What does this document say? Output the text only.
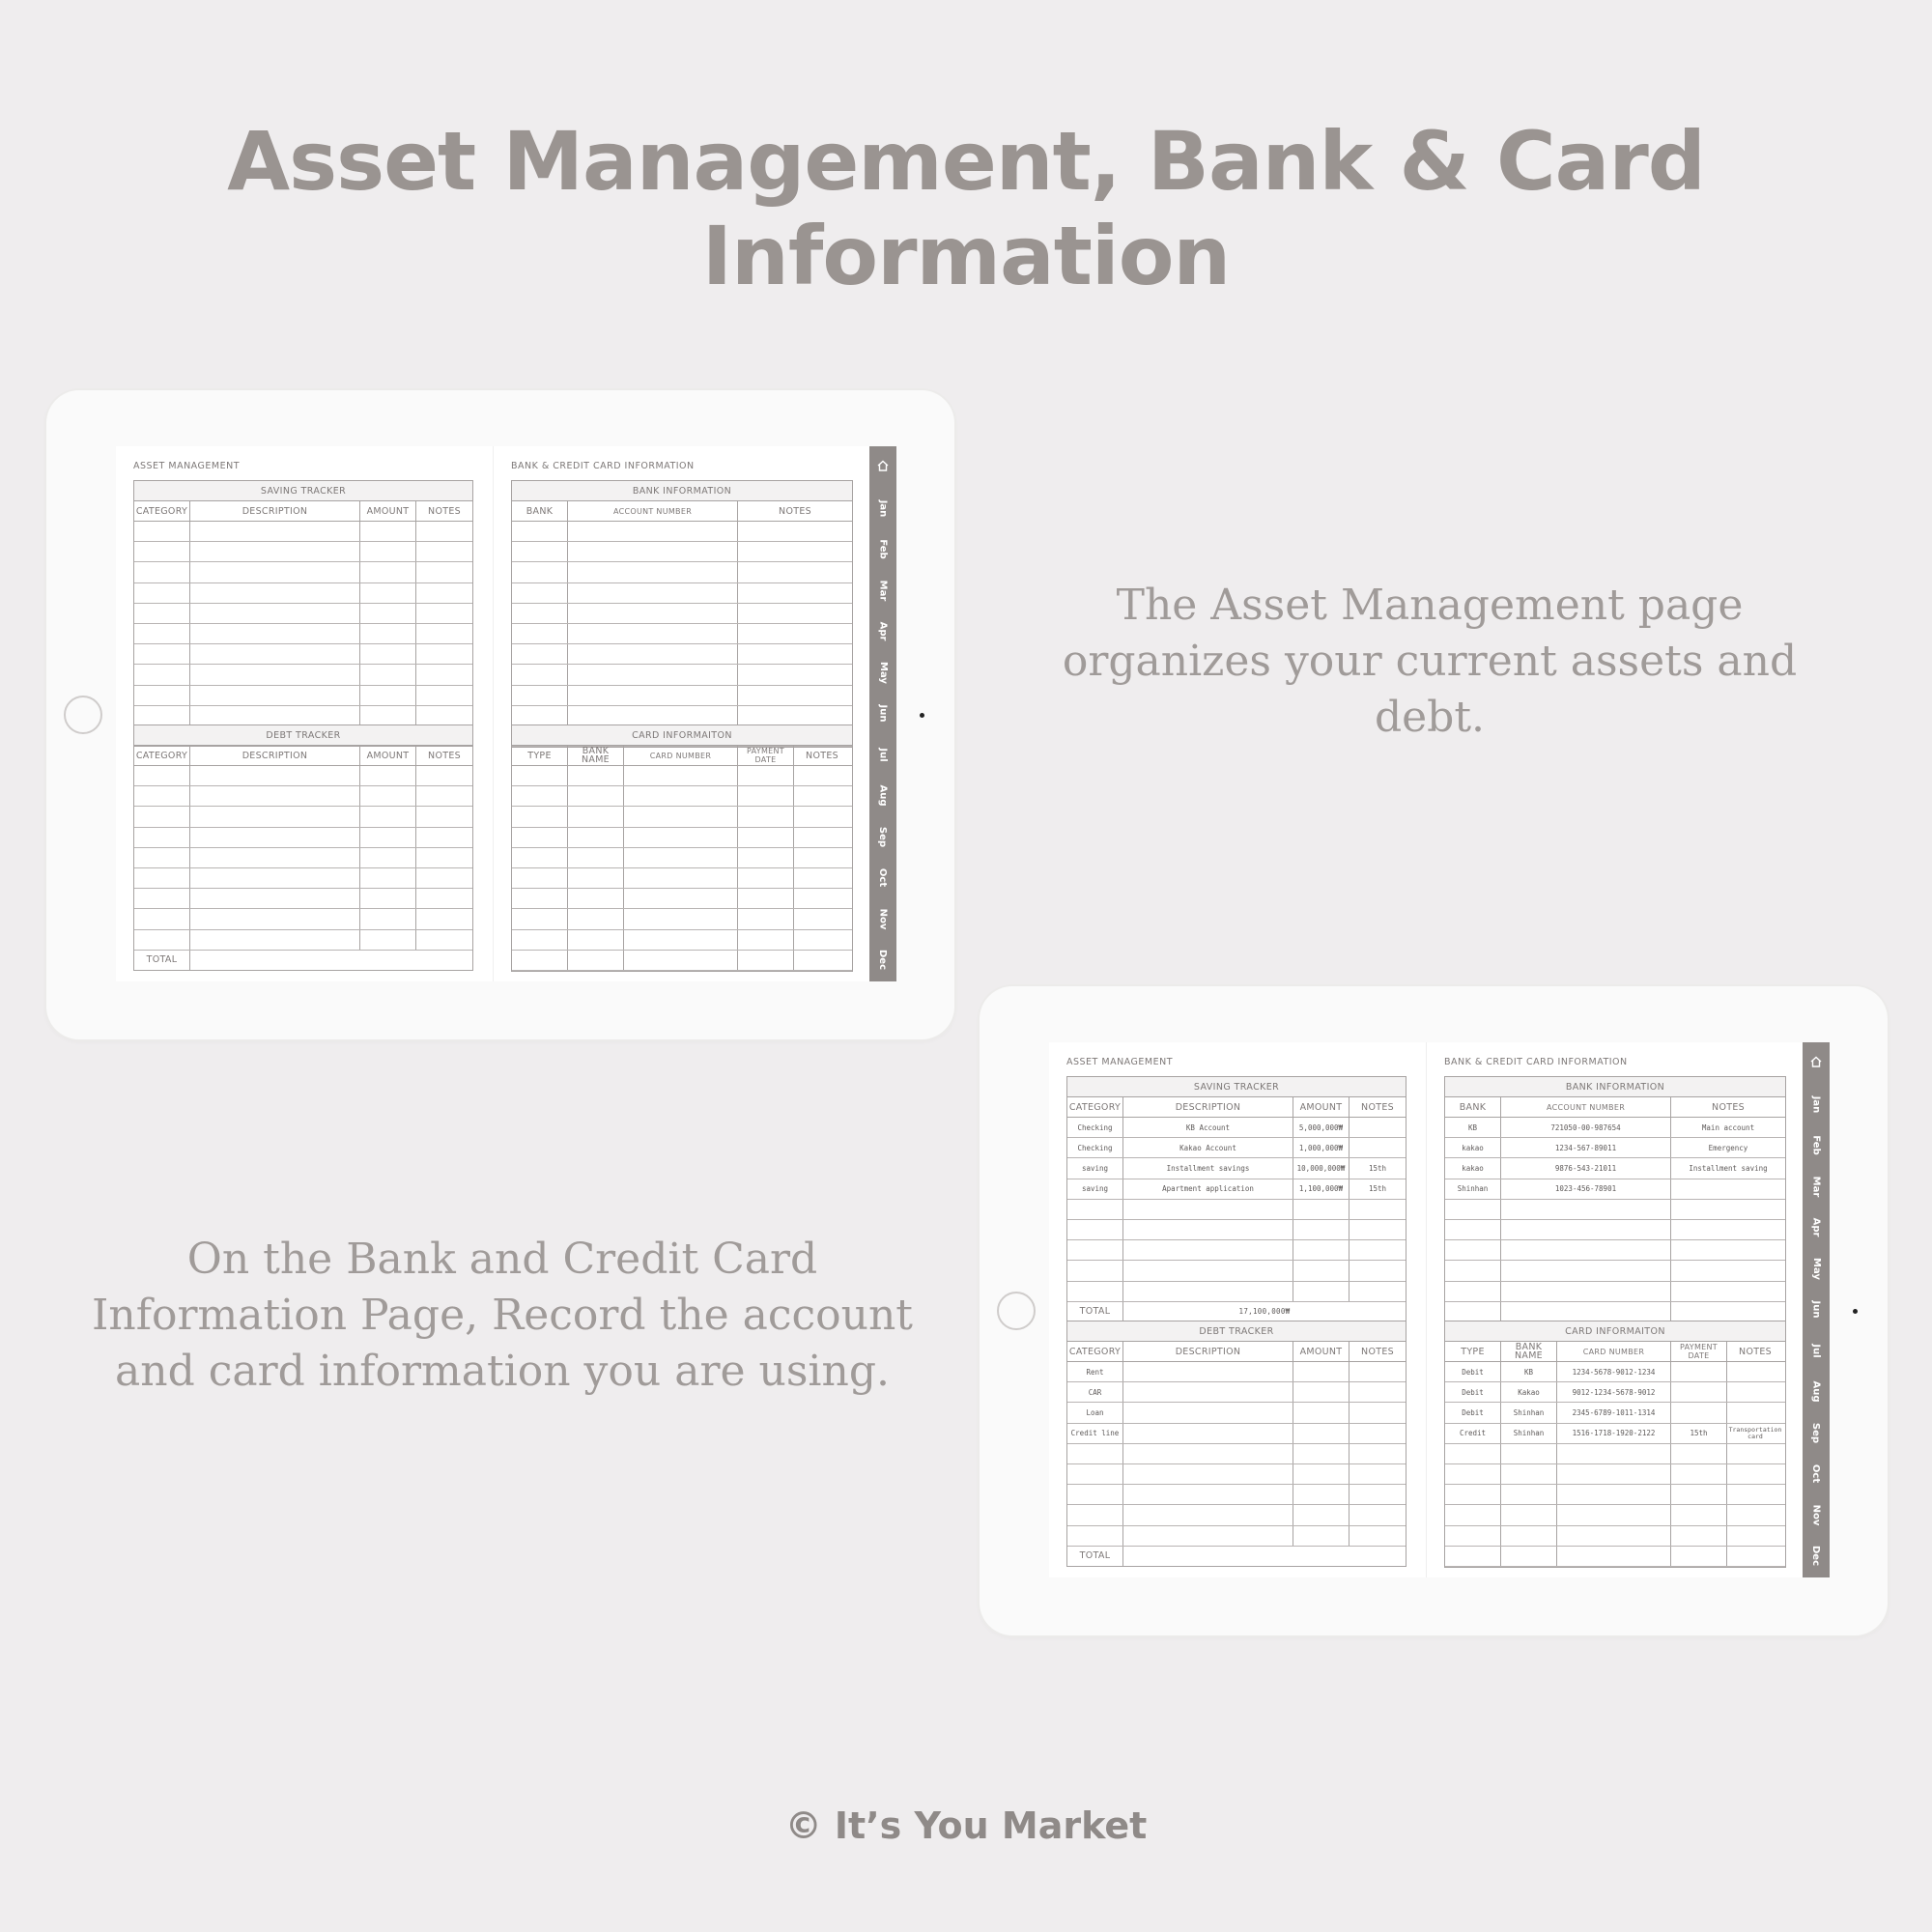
Asset Management, Bank & Card Information
ASSET MANAGEMENT
SAVING TRACKER
CATEGORY	DESCRIPTION	AMOUNT	NOTES
DEBT TRACKER
CATEGORY	DESCRIPTION	AMOUNT	NOTES
TOTAL
BANK & CREDIT CARD INFORMATION
BANK INFORMATION
BANK	ACCOUNT NUMBER	NOTES
CARD INFORMAITON
TYPE	BANK NAME	CARD NUMBER	PAYMENT DATE	NOTES
Jan
Feb
Mar
Apr
May
Jun
Jul
Aug
Sep
Oct
Nov
Dec
The Asset Management page organizes your current assets and debt.
On the Bank and Credit Card Information Page, Record the account and card information you are using.
ASSET MANAGEMENT
SAVING TRACKER
CATEGORY	DESCRIPTION	AMOUNT	NOTES
Checking	KB Account	5,000,000₩
Checking	Kakao Account	1,000,000₩
saving	Installment savings	10,000,000₩	15th
saving	Apartment application	1,100,000₩	15th
TOTAL	17,100,000₩
DEBT TRACKER
CATEGORY	DESCRIPTION	AMOUNT	NOTES
Rent
CAR
Loan
Credit line
TOTAL
BANK & CREDIT CARD INFORMATION
BANK INFORMATION
BANK	ACCOUNT NUMBER	NOTES
KB	721050-00-987654	Main account
kakao	1234-567-89011	Emergency
kakao	9876-543-21011	Installment saving
Shinhan	1023-456-78901
CARD INFORMAITON
TYPE	BANK NAME	CARD NUMBER	PAYMENT DATE	NOTES
Debit	KB	1234-5678-9012-1234
Debit	Kakao	9012-1234-5678-9012
Debit	Shinhan	2345-6789-1011-1314
Credit	Shinhan	1516-1718-1920-2122	15th	Transportation card
Jan
Feb
Mar
Apr
May
Jun
Jul
Aug
Sep
Oct
Nov
Dec
© It’s You Market
